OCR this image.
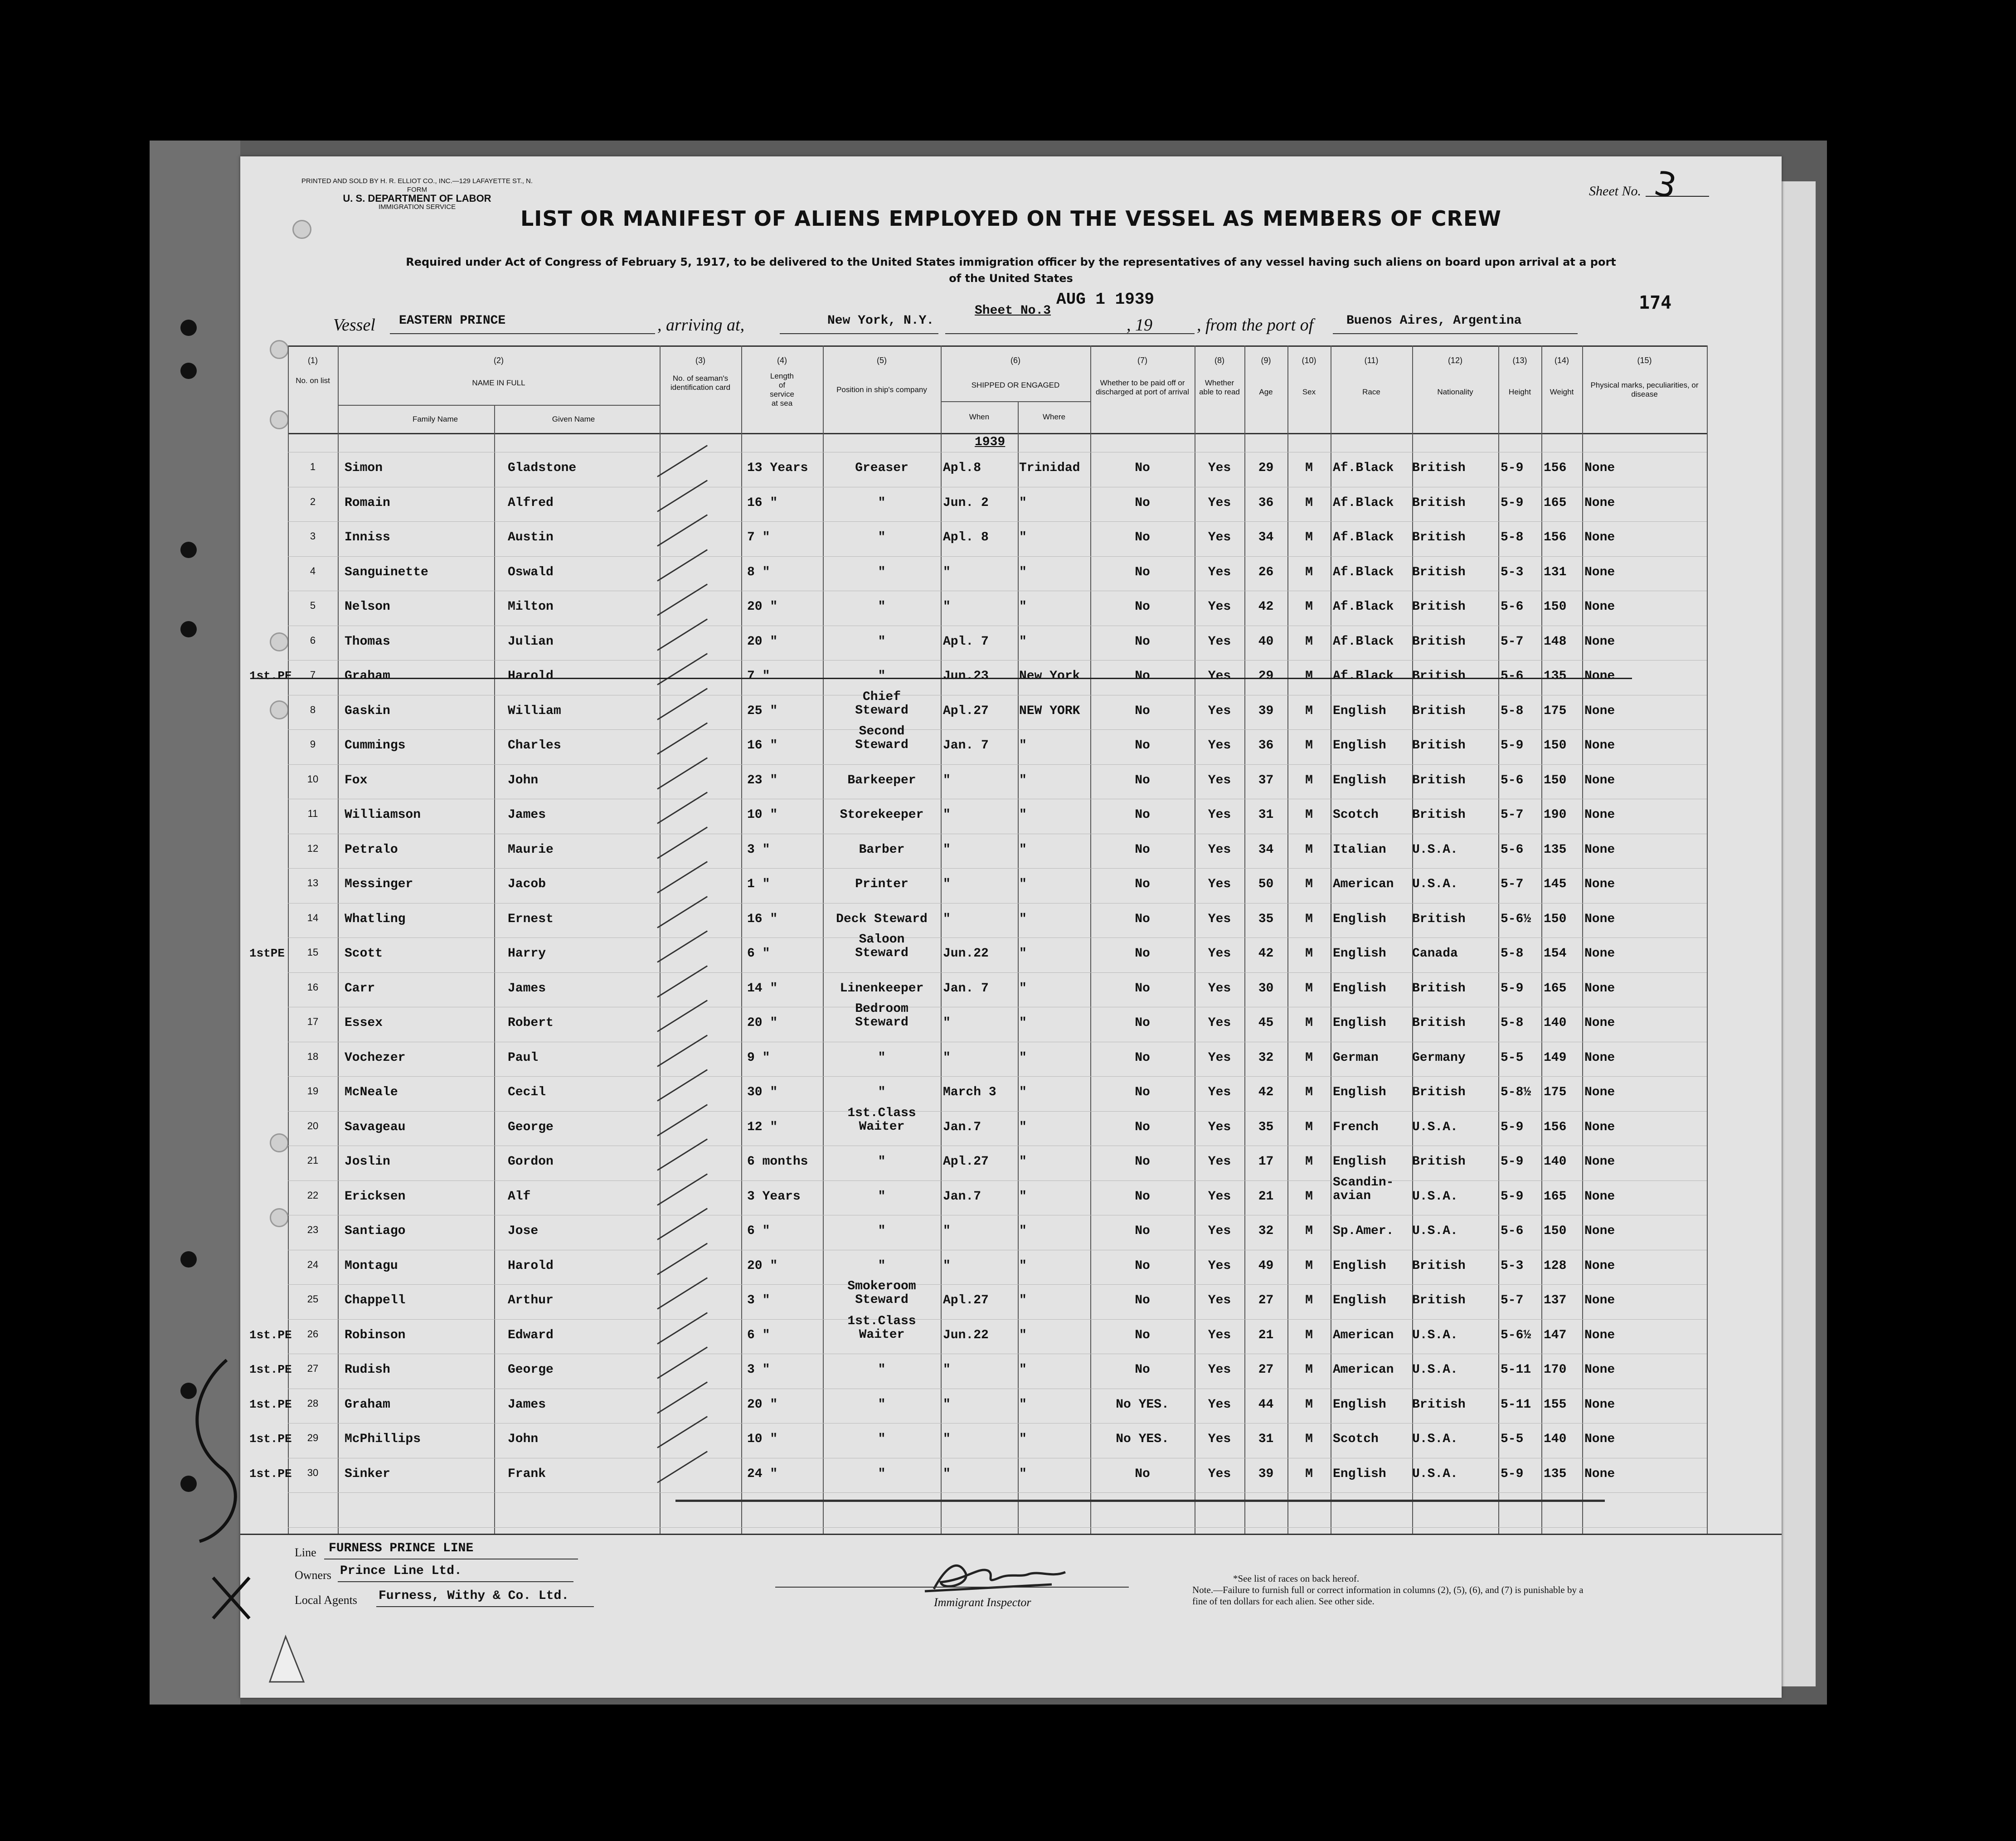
PRINTED AND SOLD BY H. R. ELLIOT CO., INC.—129 LAFAYETTE ST., N.
FORM
U. S. DEPARTMENT OF LABOR
IMMIGRATION SERVICE
Sheet No. 3
LIST OR MANIFEST OF ALIENS EMPLOYED ON THE VESSEL AS MEMBERS OF CREW
Required under Act of Congress of February 5, 1917, to be delivered to the United States immigration officer by the representatives of any vessel having such aliens on board upon arrival at a port
of the United States
Vessel EASTERN PRINCE	, arriving at,	New York, N.Y.
Sheet No.3
AUG 1 1939
, 19	, from the port of	Buenos Aires, Argentina
174
(1)
No. on list
(2)
NAME IN FULL
Family Name	Given Name
(3)
No. of seaman's identification card
(4)
Length of service at sea
(5)
Position in ship's company
(6)
SHIPPED OR ENGAGED
When	Where
(7)
Whether to be paid off or discharged at port of arrival
(8)
Whether able to read
(9)
Age
(10)
Sex
(11)
Race
(12)
Nationality
(13)
Height
(14)
Weight
(15)
Physical marks, peculiarities, or disease
1939
1	Simon	Gladstone	13 Years	Greaser	Apl.8	Trinidad	No	Yes	29	M	Af.Black	British	5-9	156	None
2	Romain	Alfred	16 "	"	Jun. 2	"	No	Yes	36	M	Af.Black	British	5-9	165	None
3	Inniss	Austin	7 "	"	Apl. 8	"	No	Yes	34	M	Af.Black	British	5-8	156	None
4	Sanguinette	Oswald	8 "	"	"	"	No	Yes	26	M	Af.Black	British	5-3	131	None
5	Nelson	Milton	20 "	"	"	"	No	Yes	42	M	Af.Black	British	5-6	150	None
6	Thomas	Julian	20 "	"	Apl. 7	"	No	Yes	40	M	Af.Black	British	5-7	148	None
1st.PE	7	Graham	Harold	7 "	"	Jun.23	New York	No	Yes	29	M	Af.Black	British	5-6	135	None
8	Gaskin	William	25 "
Chief
Steward	Apl.27	NEW YORK	No	Yes	39	M	English	British	5-8	175	None
9	Cummings	Charles	16 "
Second
Steward	Jan. 7	"	No	Yes	36	M	English	British	5-9	150	None
10	Fox	John	23 "	Barkeeper	"	"	No	Yes	37	M	English	British	5-6	150	None
11	Williamson	James	10 "	Storekeeper	"	"	No	Yes	31	M	Scotch	British	5-7	190	None
12	Petralo	Maurie	3 "	Barber	"	"	No	Yes	34	M	Italian	U.S.A.	5-6	135	None
13	Messinger	Jacob	1 "	Printer	"	"	No	Yes	50	M	American	U.S.A.	5-7	145	None
14	Whatling	Ernest	16 "	Deck Steward	"	"	No	Yes	35	M	English	British	5-6½ 150	None
1stPE	15	Scott	Harry	6 "
Saloon
Steward	Jun.22	"	No	Yes	42	M	English	Canada	5-8	154	None
16	Carr	James	14 "	Linenkeeper	Jan. 7	"	No	Yes	30	M	English	British	5-9	165	None
17	Essex	Robert	20 "
Bedroom
Steward	"	"	No	Yes	45	M	English	British	5-8	140	None
18	Vochezer	Paul	9 "	"	"	"	No	Yes	32	M	German	Germany	5-5	149	None
19	McNeale	Cecil	30 "	"	March 3	"	No	Yes	42	M	English	British	5-8½ 175	None
20	Savageau	George	12 "
1st.Class
Waiter	Jan.7	"	No	Yes	35	M	French	U.S.A.	5-9	156	None
21	Joslin	Gordon	6 months	"	Apl.27	"	No	Yes	17	M	English	British	5-9	140	None
22	Ericksen	Alf	3 Years	"	Jan.7	"	No	Yes	21	M
Scandin-
avian	U.S.A.	5-9	165	None
23	Santiago	Jose	6 "	"	"	"	No	Yes	32	M	Sp.Amer.	U.S.A.	5-6	150	None
24	Montagu	Harold	20 "	"	"	"	No	Yes	49	M	English	British	5-3	128	None
25	Chappell	Arthur	3 "
Smokeroom
Steward	Apl.27	"	No	Yes	27	M	English	British	5-7	137	None
1st.PE	26	Robinson	Edward	6 "
1st.Class
Waiter	Jun.22	"	No	Yes	21	M	American	U.S.A.	5-6½ 147	None
1st.PE	27	Rudish	George	3 "	"	"	"	No	Yes	27	M	American	U.S.A.	5-11 170	None
1st.PE	28	Graham	James	20 "	"	"	"	No YES.	Yes	44	M	English	British	5-11 155	None
1st.PE	29	McPhillips	John	10 "	"	"	"	No YES.	Yes	31	M	Scotch	U.S.A.	5-5	140	None
1st.PE	30	Sinker	Frank	24 "	"	"	"	No	Yes	39	M	English	U.S.A.	5-9	135	None
Line FURNESS PRINCE LINE
Owners Prince Line Ltd.
Local Agents Furness, Withy & Co. Ltd.	Immigrant Inspector
*See list of races on back hereof.
Note.—Failure to furnish full or correct information in columns (2), (5), (6), and (7) is punishable by a fine of ten dollars for each alien. See other side.
